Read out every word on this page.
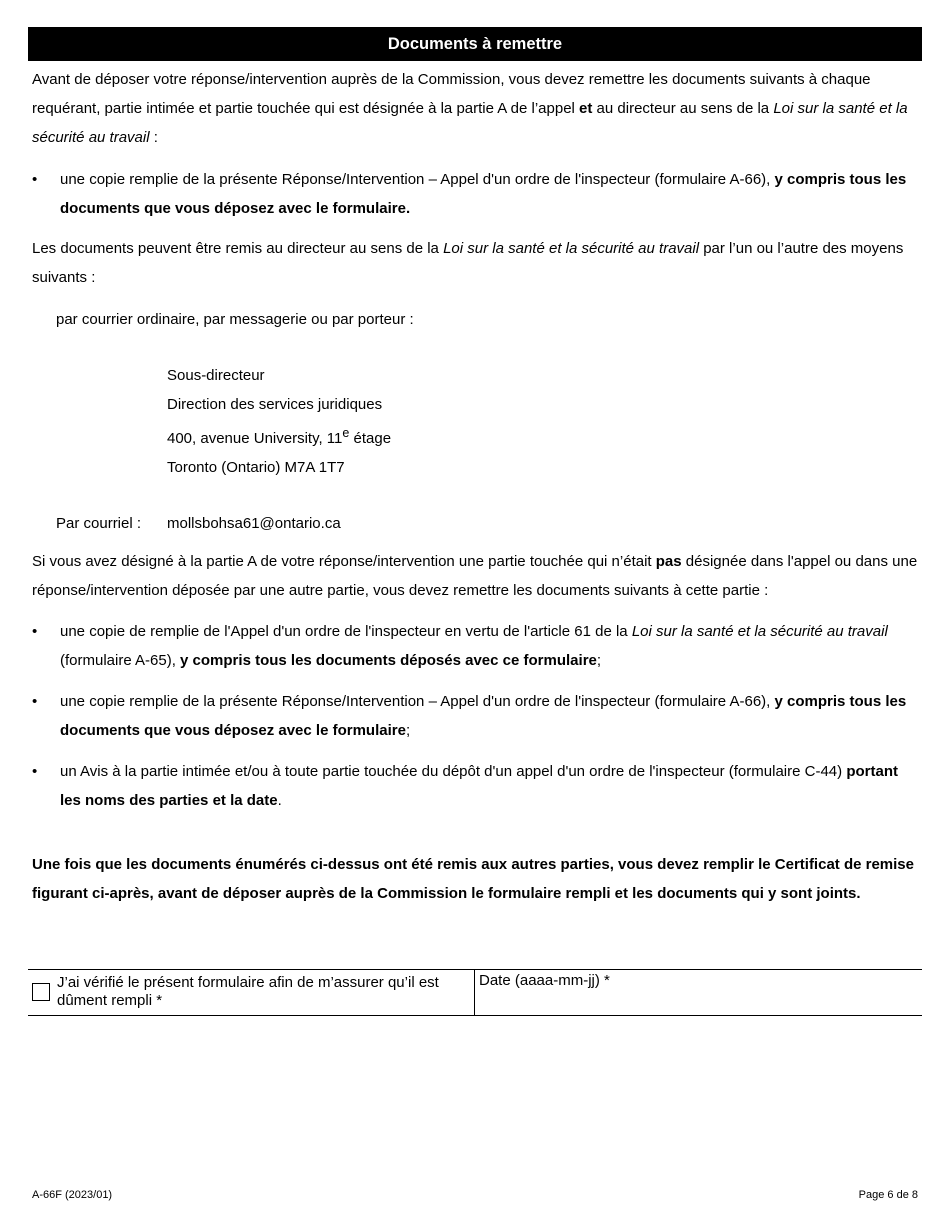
Documents à remettre

Avant de déposer votre réponse/intervention auprès de la Commission, vous devez remettre les documents suivants à chaque requérant, partie intimée et partie touchée qui est désignée à la partie A de l’appel et au directeur au sens de la Loi sur la santé et la sécurité au travail :

• une copie remplie de la présente Réponse/Intervention – Appel d'un ordre de l'inspecteur (formulaire A-66), y compris tous les documents que vous déposez avec le formulaire.

Les documents peuvent être remis au directeur au sens de la Loi sur la santé et la sécurité au travail par l’un ou l’autre des moyens suivants :

par courrier ordinaire, par messagerie ou par porteur :

Sous-directeur
Direction des services juridiques
400, avenue University, 11e étage
Toronto (Ontario) M7A 1T7
Par courriel : mollsbohsa61@ontario.ca

Si vous avez désigné à la partie A de votre réponse/intervention une partie touchée qui n’était pas désignée dans l'appel ou dans une réponse/intervention déposée par une autre partie, vous devez remettre les documents suivants à cette partie :

• une copie de remplie de l'Appel d'un ordre de l'inspecteur en vertu de l'article 61 de la Loi sur la santé et la sécurité au travail (formulaire A-65), y compris tous les documents déposés avec ce formulaire;
• une copie remplie de la présente Réponse/Intervention – Appel d'un ordre de l'inspecteur (formulaire A-66), y compris tous les documents que vous déposez avec le formulaire;
• un Avis à la partie intimée et/ou à toute partie touchée du dépôt d'un appel d'un ordre de l'inspecteur (formulaire C-44) portant les noms des parties et la date.

Une fois que les documents énumérés ci-dessus ont été remis aux autres parties, vous devez remplir le Certificat de remise figurant ci-après, avant de déposer auprès de la Commission le formulaire rempli et les documents qui y sont joints.

J’ai vérifié le présent formulaire afin de m’assurer qu’il est dûment rempli *
Date (aaaa-mm-jj) *
A-66F (2023/01)	Page 6 de 8
